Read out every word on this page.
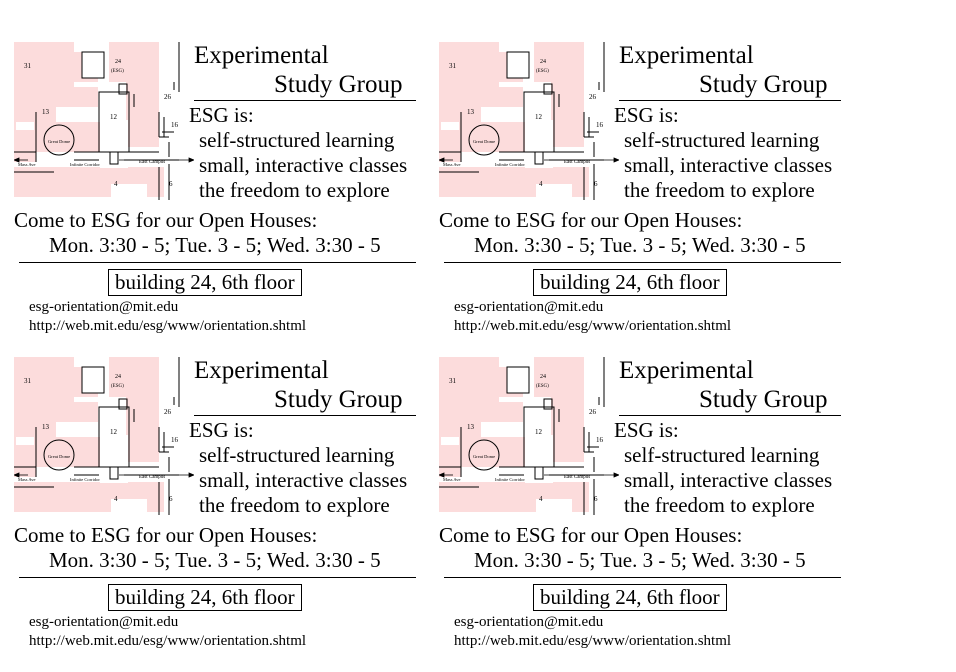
31	24
(ESG)
26
13
12
16
Great Dome
Mass Ave	Infinite Corridor	East Campus
4	6
Experimental
Study Group
ESG is:
self-structured learning
small, interactive classes
the freedom to explore
Come to ESG for our Open Houses:
Mon. 3:30 - 5; Tue. 3 - 5; Wed. 3:30 - 5
building 24, 6th floor
esg-orientation@mit.edu
http://web.mit.edu/esg/www/orientation.shtml
31	24
(ESG)
26
13
12
16
Great Dome
Mass Ave	Infinite Corridor	East Campus
4	6
Experimental
Study Group
ESG is:
self-structured learning
small, interactive classes
the freedom to explore
Come to ESG for our Open Houses:
Mon. 3:30 - 5; Tue. 3 - 5; Wed. 3:30 - 5
building 24, 6th floor
esg-orientation@mit.edu
http://web.mit.edu/esg/www/orientation.shtml
31	24
(ESG)
26
13
12
16
Great Dome
Mass Ave	Infinite Corridor	East Campus
4	6
Experimental
Study Group
ESG is:
self-structured learning
small, interactive classes
the freedom to explore
Come to ESG for our Open Houses:
Mon. 3:30 - 5; Tue. 3 - 5; Wed. 3:30 - 5
building 24, 6th floor
esg-orientation@mit.edu
http://web.mit.edu/esg/www/orientation.shtml
31	24
(ESG)
26
13
12
16
Great Dome
Mass Ave	Infinite Corridor	East Campus
4	6
Experimental
Study Group
ESG is:
self-structured learning
small, interactive classes
the freedom to explore
Come to ESG for our Open Houses:
Mon. 3:30 - 5; Tue. 3 - 5; Wed. 3:30 - 5
building 24, 6th floor
esg-orientation@mit.edu
http://web.mit.edu/esg/www/orientation.shtml
